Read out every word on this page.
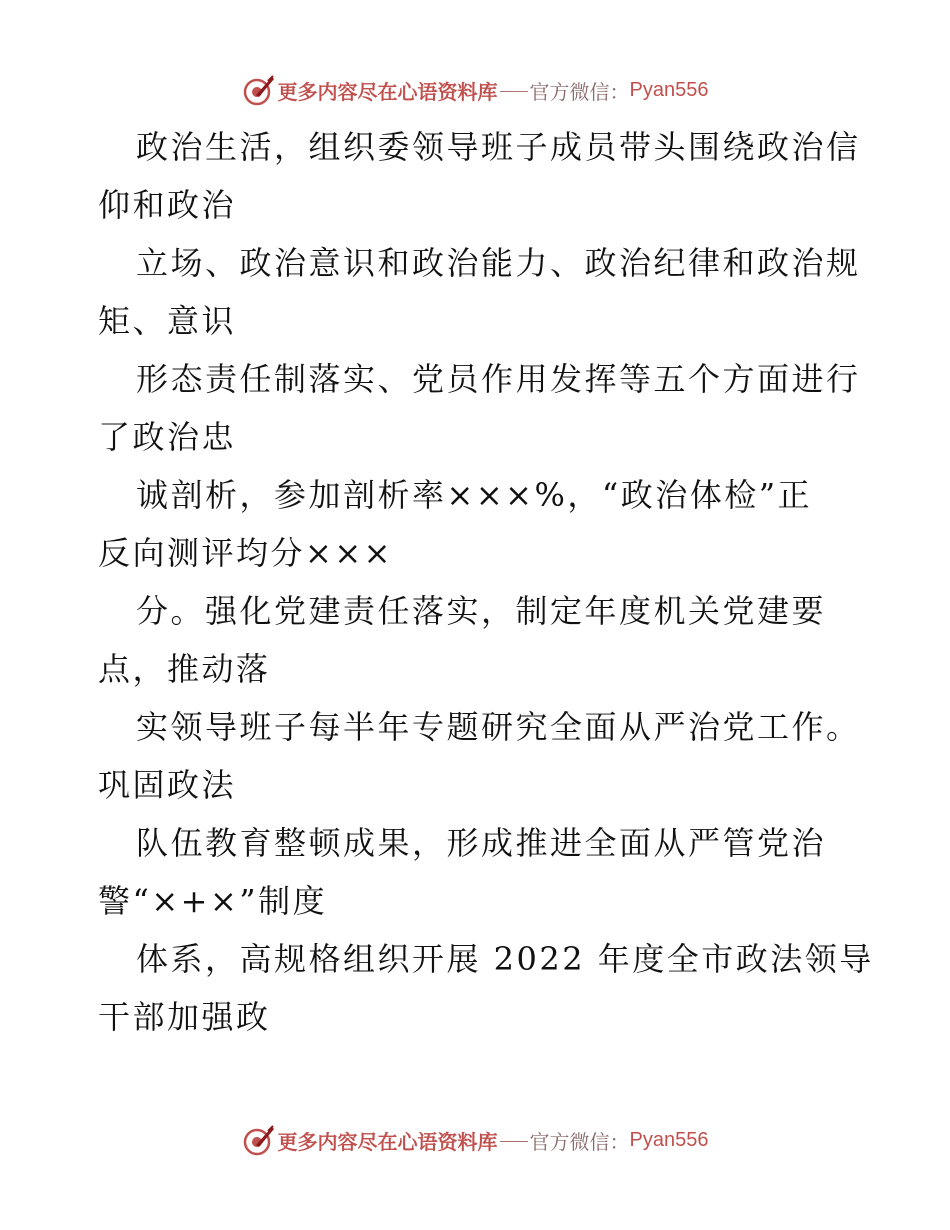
更多内容尽在心语资料库 官方微信： Pyan556
政治生活，组织委领导班子成员带头围绕政治信
仰和政治
立场、政治意识和政治能力、政治纪律和政治规
矩、意识
形态责任制落实、党员作用发挥等五个方面进行
了政治忠
诚剖析，参加剖析率×××%，“政治体检”正
反向测评均分×××
分。强化党建责任落实，制定年度机关党建要
点，推动落
实领导班子每半年专题研究全面从严治党工作。
巩固政法
队伍教育整顿成果，形成推进全面从严管党治
警“×+×”制度
体系，高规格组织开展 2022 年度全市政法领导
干部加强政
更多内容尽在心语资料库 官方微信： Pyan556
